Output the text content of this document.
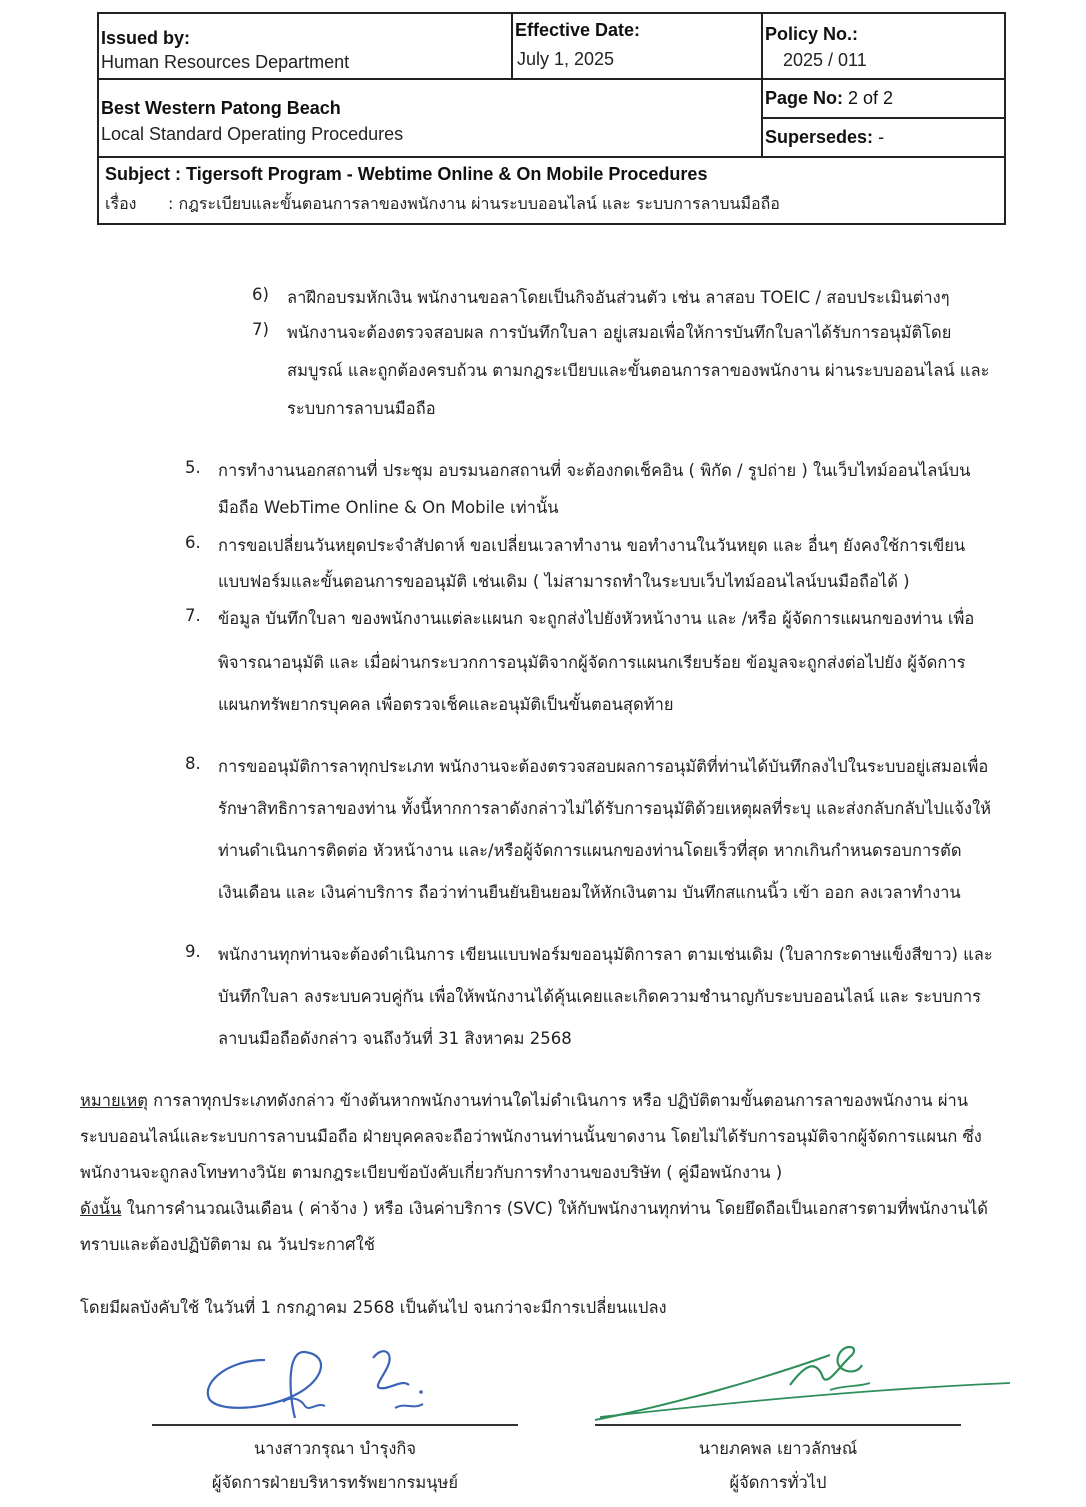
Issued by:
Human Resources Department
Effective Date:
July 1, 2025
Policy No.:
2025 / 011
Best Western Patong Beach
Local Standard Operating Procedures
Page No: 2 of 2
Supersedes: -
Subject : Tigersoft Program - Webtime Online & On Mobile Procedures
เรื่อง : กฎระเบียบและขั้นตอนการลาของพนักงาน ผ่านระบบออนไลน์ และ ระบบการลาบนมือถือ
6) ลาฝึกอบรมหักเงิน พนักงานขอลาโดยเป็นกิจอันส่วนตัว เช่น ลาสอบ TOEIC / สอบประเมินต่างๆ
7) พนักงานจะต้องตรวจสอบผล การบันทึกใบลา อยู่เสมอเพื่อให้การบันทึกใบลาได้รับการอนุมัติโดย
สมบูรณ์ และถูกต้องครบถ้วน ตามกฎระเบียบและขั้นตอนการลาของพนักงาน ผ่านระบบออนไลน์ และ
ระบบการลาบนมือถือ
5. การทำงานนอกสถานที่ ประชุม อบรมนอกสถานที่ จะต้องกดเช็คอิน ( พิกัด / รูปถ่าย ) ในเว็บไทม์ออนไลน์บน
มือถือ WebTime Online & On Mobile เท่านั้น
6. การขอเปลี่ยนวันหยุดประจำสัปดาห์ ขอเปลี่ยนเวลาทำงาน ขอทำงานในวันหยุด และ อื่นๆ ยังคงใช้การเขียน
แบบฟอร์มและขั้นตอนการขออนุมัติ เช่นเดิม ( ไม่สามารถทำในระบบเว็บไทม์ออนไลน์บนมือถือได้ )
7. ข้อมูล บันทึกใบลา ของพนักงานแต่ละแผนก จะถูกส่งไปยังหัวหน้างาน และ /หรือ ผู้จัดการแผนกของท่าน เพื่อ
พิจารณาอนุมัติ และ เมื่อผ่านกระบวกการอนุมัติจากผู้จัดการแผนกเรียบร้อย ข้อมูลจะถูกส่งต่อไปยัง ผู้จัดการ
แผนกทรัพยากรบุคคล เพื่อตรวจเช็คและอนุมัติเป็นขั้นตอนสุดท้าย
8. การขออนุมัติการลาทุกประเภท พนักงานจะต้องตรวจสอบผลการอนุมัติที่ท่านได้บันทึกลงไปในระบบอยู่เสมอเพื่อ
รักษาสิทธิการลาของท่าน ทั้งนี้หากการลาดังกล่าวไม่ได้รับการอนุมัติด้วยเหตุผลที่ระบุ และส่งกลับกลับไปแจ้งให้
ท่านดำเนินการติดต่อ หัวหน้างาน และ/หรือผู้จัดการแผนกของท่านโดยเร็วที่สุด หากเกินกำหนดรอบการตัด
เงินเดือน และ เงินค่าบริการ ถือว่าท่านยืนยันยินยอมให้หักเงินตาม บันทึกสแกนนิ้ว เข้า ออก ลงเวลาทำงาน
9. พนักงานทุกท่านจะต้องดำเนินการ เขียนแบบฟอร์มขออนุมัติการลา ตามเช่นเดิม (ใบลากระดาษแข็งสีขาว) และ
บันทึกใบลา ลงระบบควบคู่กัน เพื่อให้พนักงานได้คุ้นเคยและเกิดความชำนาญกับระบบออนไลน์ และ ระบบการ
ลาบนมือถือดังกล่าว จนถึงวันที่ 31 สิงหาคม 2568
หมายเหตุ การลาทุกประเภทดังกล่าว ข้างต้นหากพนักงานท่านใดไม่ดำเนินการ หรือ ปฏิบัติตามขั้นตอนการลาของพนักงาน ผ่าน
ระบบออนไลน์และระบบการลาบนมือถือ ฝ่ายบุคคลจะถือว่าพนักงานท่านนั้นขาดงาน โดยไม่ได้รับการอนุมัติจากผู้จัดการแผนก ซึ่ง
พนักงานจะถูกลงโทษทางวินัย ตามกฎระเบียบข้อบังคับเกี่ยวกับการทำงานของบริษัท ( คู่มือพนักงาน )
ดังนั้น ในการคำนวณเงินเดือน ( ค่าจ้าง ) หรือ เงินค่าบริการ (SVC) ให้กับพนักงานทุกท่าน โดยยึดถือเป็นเอกสารตามที่พนักงานได้
ทราบและต้องปฏิบัติตาม ณ วันประกาศใช้
โดยมีผลบังคับใช้ ในวันที่ 1 กรกฎาคม 2568 เป็นต้นไป จนกว่าจะมีการเปลี่ยนแปลง
นางสาวกรุณา บำรุงกิจ
ผู้จัดการฝ่ายบริหารทรัพยากรมนุษย์
นายภคพล เยาวลักษณ์
ผู้จัดการทั่วไป
